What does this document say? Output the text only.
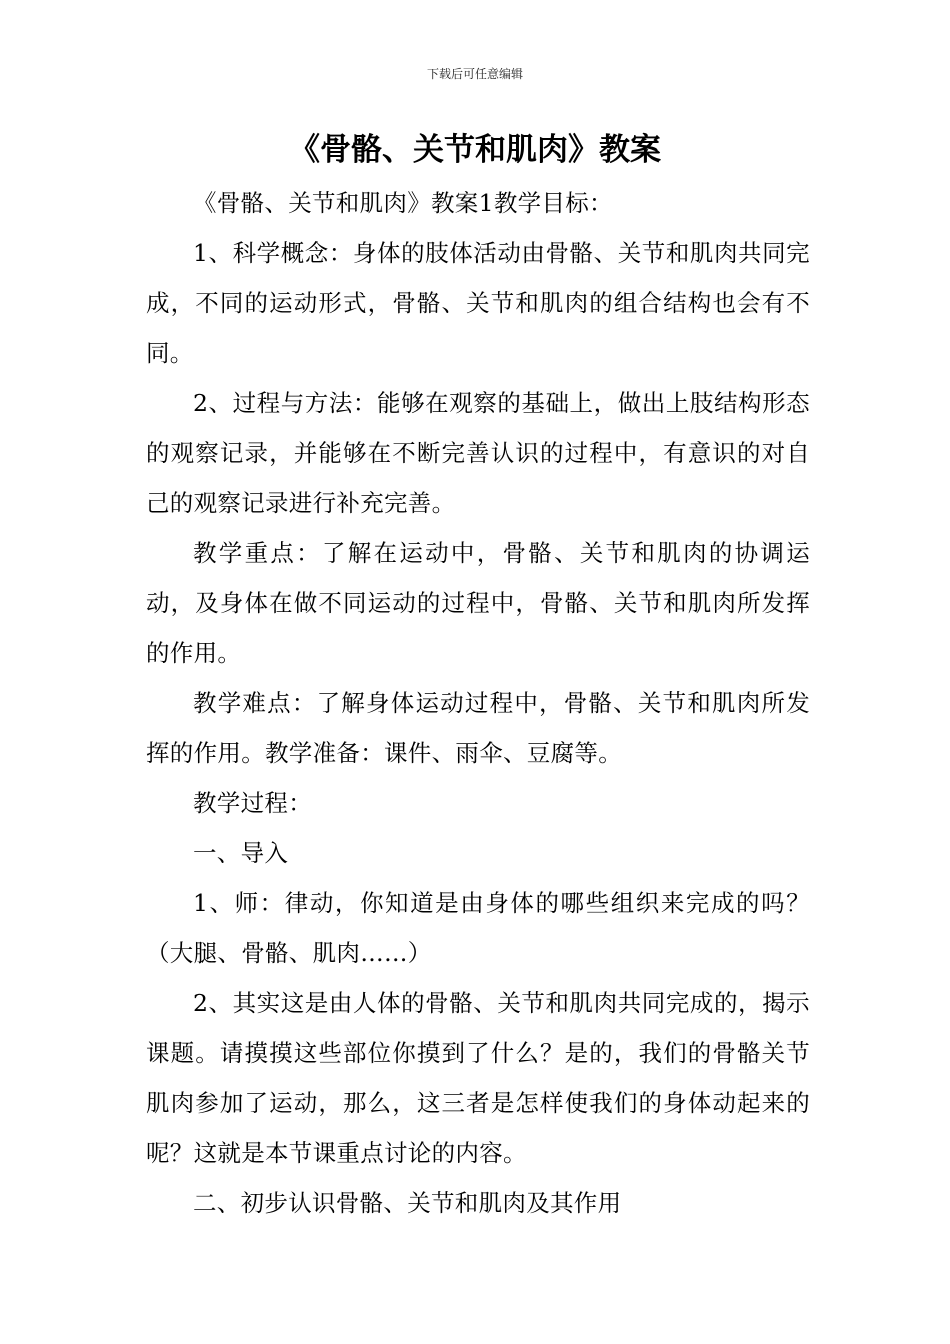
下载后可任意编辑
《骨骼、关节和肌肉》教案

《骨骼、关节和肌肉》教案1教学目标：

1、科学概念：身体的肢体活动由骨骼、关节和肌肉共同完成，不同的运动形式，骨骼、关节和肌肉的组合结构也会有不同。

2、过程与方法：能够在观察的基础上，做出上肢结构形态的观察记录，并能够在不断完善认识的过程中，有意识的对自己的观察记录进行补充完善。

教学重点：了解在运动中，骨骼、关节和肌肉的协调运动，及身体在做不同运动的过程中，骨骼、关节和肌肉所发挥的作用。

教学难点：了解身体运动过程中，骨骼、关节和肌肉所发挥的作用。教学准备：课件、雨伞、豆腐等。

教学过程：

一、导入

1、师：律动，你知道是由身体的哪些组织来完成的吗？（大腿、骨骼、肌肉……）

2、其实这是由人体的骨骼、关节和肌肉共同完成的，揭示课题。请摸摸这些部位你摸到了什么？是的，我们的骨骼关节肌肉参加了运动，那么，这三者是怎样使我们的身体动起来的呢？这就是本节课重点讨论的内容。

二、初步认识骨骼、关节和肌肉及其作用
